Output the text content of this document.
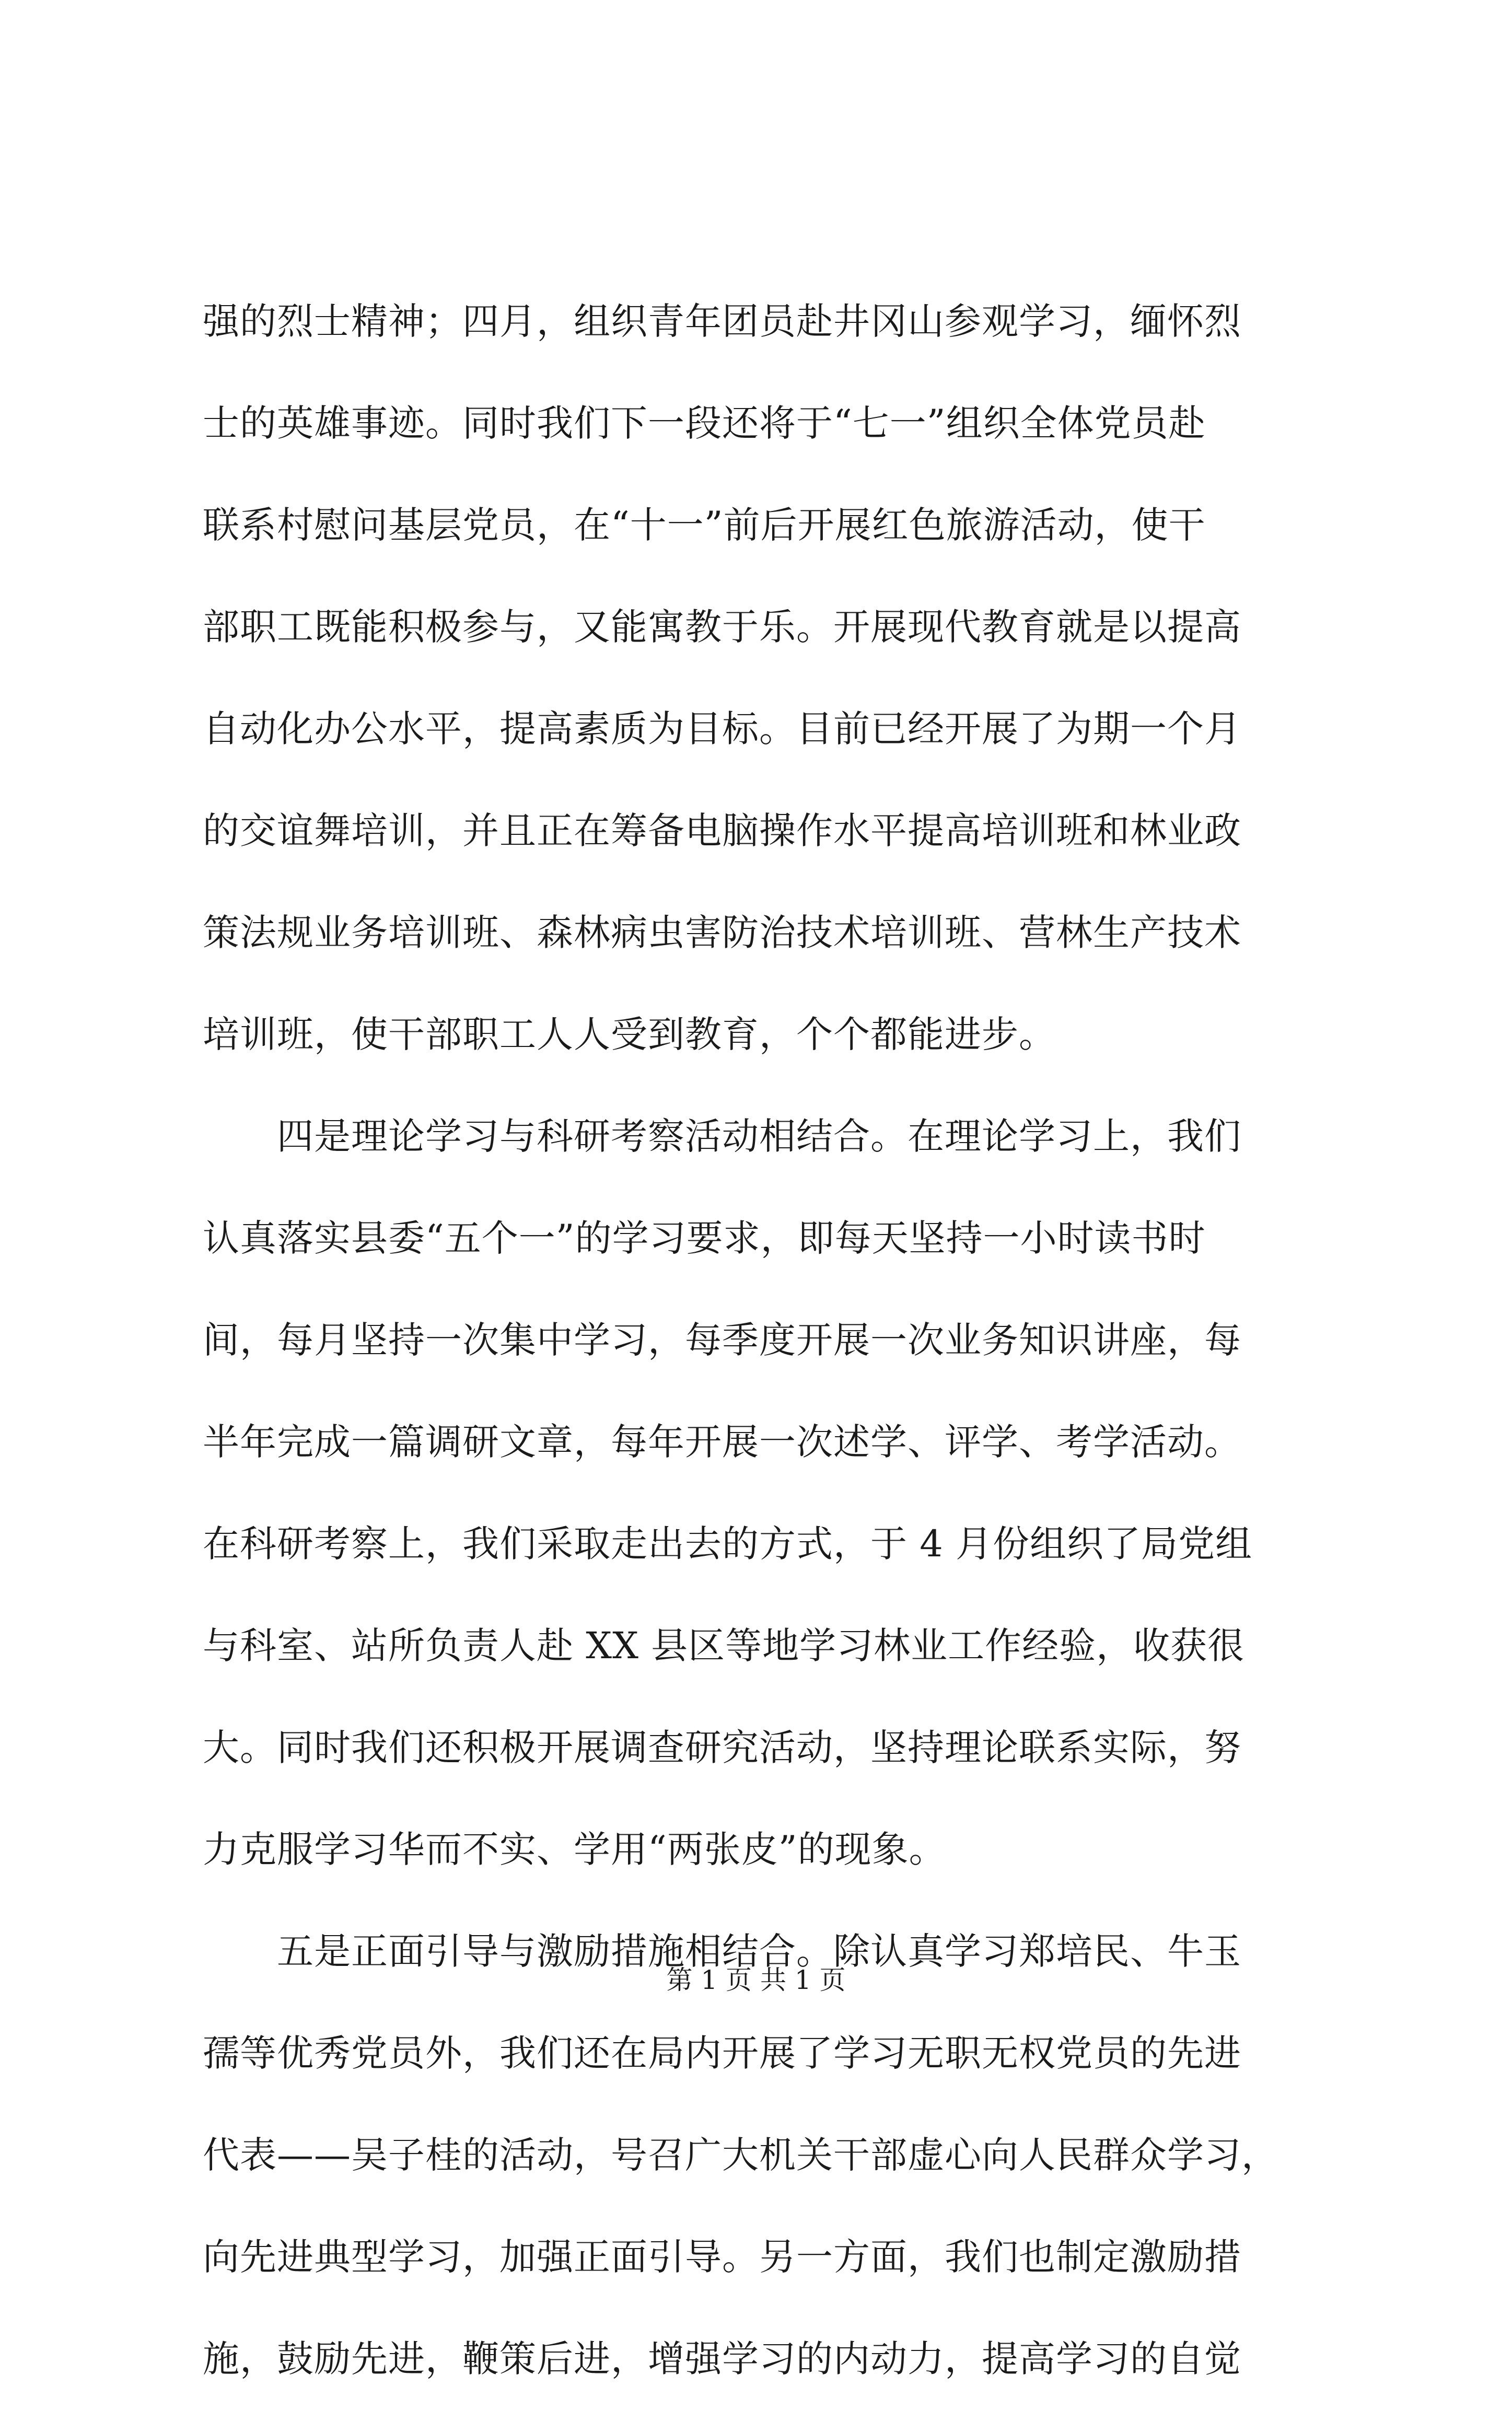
强的烈士精神；四月，组织青年团员赴井冈山参观学习，缅怀烈
士的英雄事迹。同时我们下一段还将于“七一”组织全体党员赴
联系村慰问基层党员，在“十一”前后开展红色旅游活动，使干
部职工既能积极参与，又能寓教于乐。开展现代教育就是以提高
自动化办公水平，提高素质为目标。目前已经开展了为期一个月
的交谊舞培训，并且正在筹备电脑操作水平提高培训班和林业政
策法规业务培训班、森林病虫害防治技术培训班、营林生产技术
培训班，使干部职工人人受到教育，个个都能进步。
　　四是理论学习与科研考察活动相结合。在理论学习上，我们
认真落实县委“五个一”的学习要求，即每天坚持一小时读书时
间，每月坚持一次集中学习，每季度开展一次业务知识讲座，每
半年完成一篇调研文章，每年开展一次述学、评学、考学活动。
在科研考察上，我们采取走出去的方式，于 4 月份组织了局党组
与科室、站所负责人赴 XX 县区等地学习林业工作经验，收获很
大。同时我们还积极开展调查研究活动，坚持理论联系实际，努
力克服学习华而不实、学用“两张皮”的现象。
　　五是正面引导与激励措施相结合。除认真学习郑培民、牛玉
孺等优秀党员外，我们还在局内开展了学习无职无权党员的先进
代表——吴子桂的活动，号召广大机关干部虚心向人民群众学习，
向先进典型学习，加强正面引导。另一方面，我们也制定激励措
施，鼓励先进，鞭策后进，增强学习的内动力，提高学习的自觉
第 1 页 共 1 页
